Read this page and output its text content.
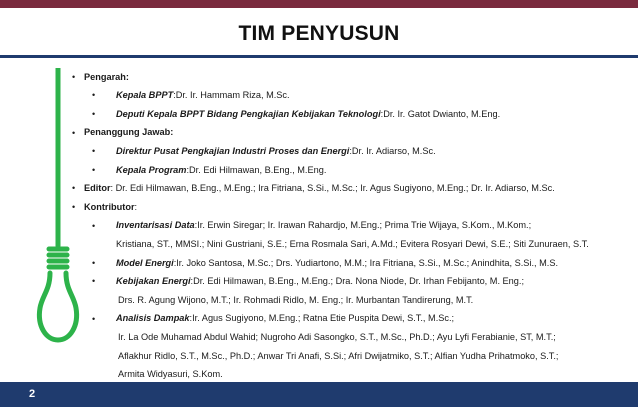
TIM PENYUSUN
• Pengarah:
• Kepala BPPT : Dr. Ir. Hammam Riza, M.Sc.
• Deputi Kepala BPPT Bidang Pengkajian Kebijakan Teknologi : Dr. Ir. Gatot Dwianto, M.Eng.
• Penanggung Jawab:
• Direktur Pusat Pengkajian Industri Proses dan Energi : Dr. Ir. Adiarso, M.Sc.
• Kepala Program : Dr. Edi Hilmawan, B.Eng., M.Eng.
• Editor : Dr. Edi Hilmawan, B.Eng., M.Eng.; Ira Fitriana, S.Si., M.Sc.; Ir. Agus Sugiyono, M.Eng.; Dr. Ir. Adiarso, M.Sc.
• Kontributor :
• Inventarisasi Data : Ir. Erwin Siregar; Ir. Irawan Rahardjo, M.Eng.; Prima Trie Wijaya, S.Kom., M.Kom.;
Kristiana, ST., MMSI.; Nini Gustriani, S.E.; Erna Rosmala Sari, A.Md.; Evitera Rosyari Dewi, S.E.; Siti Zunuraen, S.T.
• Model Energi : Ir. Joko Santosa, M.Sc.; Drs. Yudiartono, M.M.; Ira Fitriana, S.Si., M.Sc.; Anindhita, S.Si., M.S.
• Kebijakan Energi : Dr. Edi Hilmawan, B.Eng., M.Eng.; Dra. Nona Niode, Dr. Irhan Febijanto, M. Eng.;
Drs. R. Agung Wijono, M.T.; Ir. Rohmadi Ridlo, M. Eng.; Ir. Murbantan Tandirerung, M.T.
• Analisis Dampak : Ir. Agus Sugiyono, M.Eng.; Ratna Etie Puspita Dewi, S.T., M.Sc.;
Ir. La Ode Muhamad Abdul Wahid; Nugroho Adi Sasongko, S.T., M.Sc., Ph.D.; Ayu Lyfi Ferabianie, ST, M.T.;
Aflakhur Ridlo, S.T., M.Sc., Ph.D.; Anwar Tri Anafi, S.Si.; Afri Dwijatmiko, S.T.; Alfian Yudha Prihatmoko, S.T.;
Armita Widyasuri, S.Kom.
2
